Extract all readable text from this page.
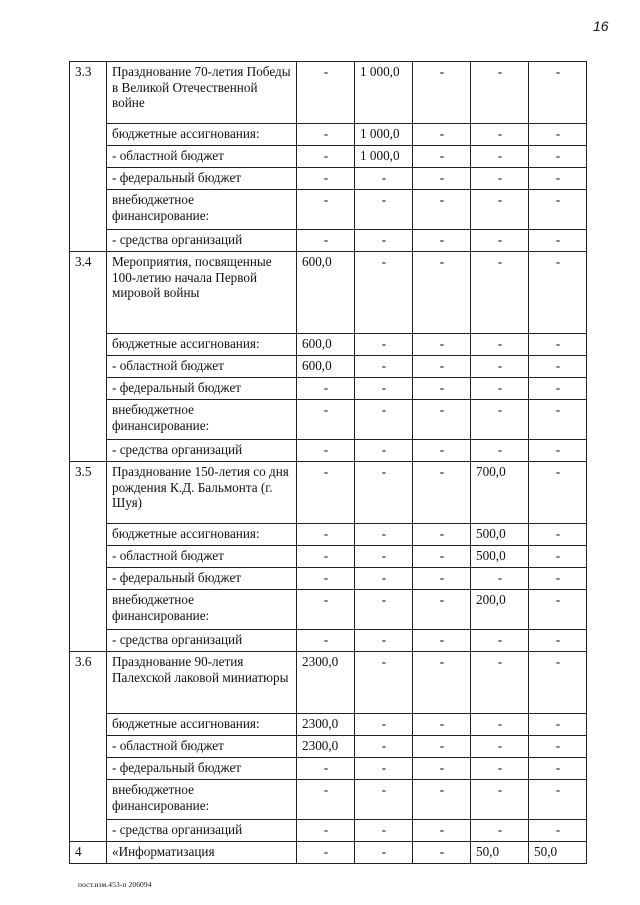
16
3.3	Празднование 70-летия Победы в Великой Отечественной войне	-	1 000,0	-	-	-
	бюджетные ассигнования:	-	1 000,0	-	-	-
	- областной бюджет	-	1 000,0	-	-	-
	- федеральный бюджет	-	-	-	-	-
	внебюджетное финансирование:	-	-	-	-	-
	- средства организаций	-	-	-	-	-
3.4	Мероприятия, посвященные 100-летию начала Первой мировой войны	600,0	-	-	-	-
	бюджетные ассигнования:	600,0	-	-	-	-
	- областной бюджет	600,0	-	-	-	-
	- федеральный бюджет	-	-	-	-	-
	внебюджетное финансирование:	-	-	-	-	-
	- средства организаций	-	-	-	-	-
3.5	Празднование 150-летия со дня рождения К.Д. Бальмонта (г. Шуя)	-	-	-	700,0	-
	бюджетные ассигнования:	-	-	-	500,0	-
	- областной бюджет	-	-	-	500,0	-
	- федеральный бюджет	-	-	-	-	-
	внебюджетное финансирование:	-	-	-	200,0	-
	- средства организаций	-	-	-	-	-
3.6	Празднование 90-летия Палехской лаковой миниатюры	2300,0	-	-	-	-
	бюджетные ассигнования:	2300,0	-	-	-	-
	- областной бюджет	2300,0	-	-	-	-
	- федеральный бюджет	-	-	-	-	-
	внебюджетное финансирование:	-	-	-	-	-
	- средства организаций	-	-	-	-	-
4	«Информатизация	-	-	-	50,0	50,0
пост.изм.453-п 206094
